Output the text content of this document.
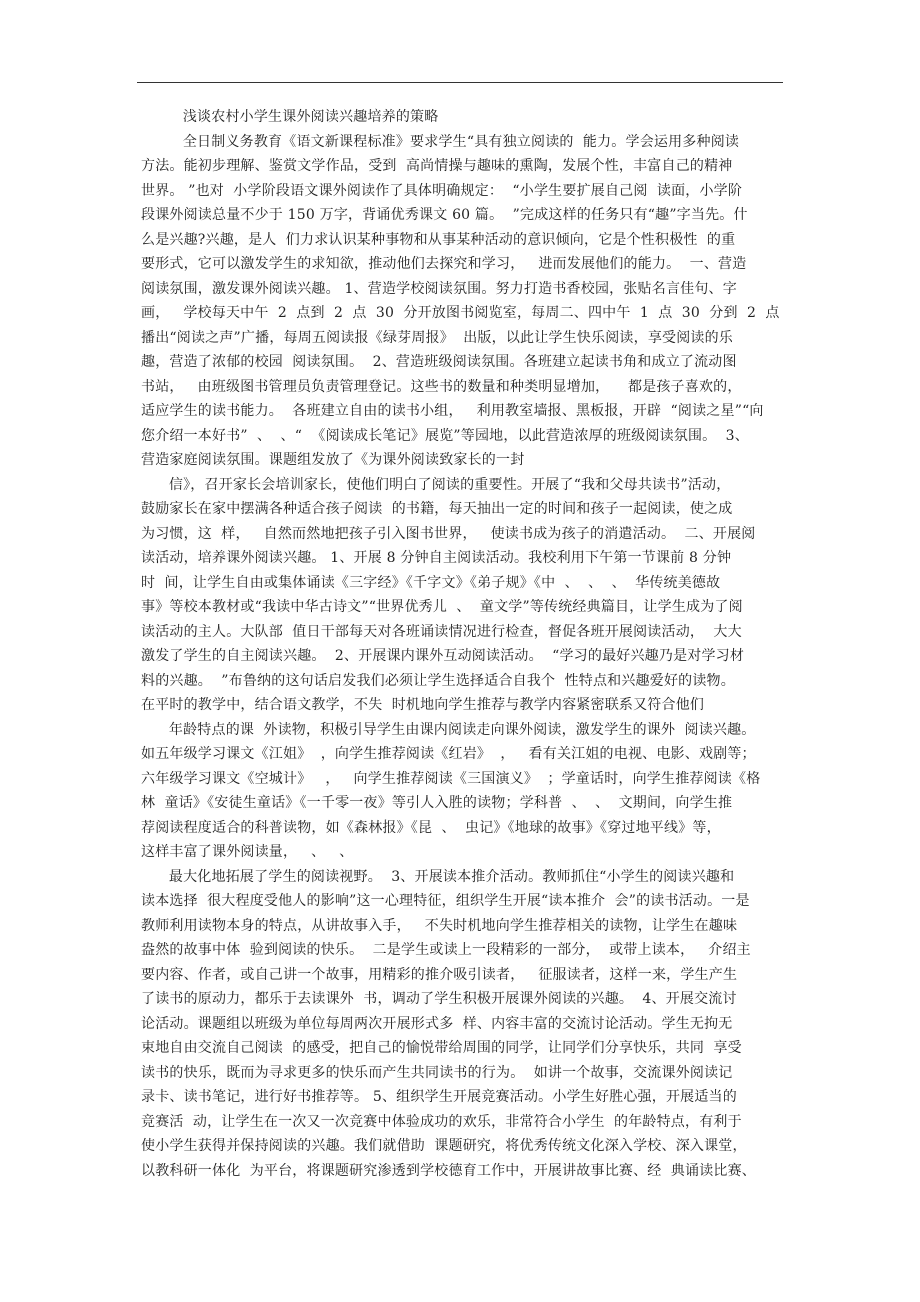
浅谈农村小学生课外阅读兴趣培养的策略
全日制义务教育《语文新课程标准》要求学生“具有独立阅读的  能力。学会运用多种阅读
方法。能初步理解、鉴赏文学作品，受到  高尚情操与趣味的熏陶，发展个性，丰富自己的精神
世界。 ”也对  小学阶段语文课外阅读作了具体明确规定：  “小学生要扩展自己阅  读面，小学阶
段课外阅读总量不少于 150 万字，背诵优秀课文 60 篇。  ”完成这样的任务只有“趣”字当先。什
么是兴趣?兴趣，是人  们力求认识某种事物和从事某种活动的意识倾向，它是个性积极性  的重
要形式，它可以激发学生的求知欲，推动他们去探究和学习，   进而发展他们的能力。  一、营造
阅读氛围，激发课外阅读兴趣。 1、营造学校阅读氛围。努力打造书香校园，张贴名言佳句、字
画，   学校每天中午  2  点到  2  点  30  分开放图书阅览室，每周二、四中午  1  点  30  分到  2  点
播出“阅读之声”广播，每周五阅读报《绿芽周报》  出版，以此让学生快乐阅读，享受阅读的乐
趣，营造了浓郁的校园  阅读氛围。  2、营造班级阅读氛围。各班建立起读书角和成立了流动图
书站，   由班级图书管理员负责管理登记。这些书的数量和种类明显增加，    都是孩子喜欢的，
适应学生的读书能力。  各班建立自由的读书小组，   利用教室墙报、黑板报，开辟  “阅读之星”“向
您介绍一本好书”  、  、“  《阅读成长笔记》展览”等园地，以此营造浓厚的班级阅读氛围。  3、
营造家庭阅读氛围。课题组发放了《为课外阅读致家长的一封
信》，召开家长会培训家长，使他们明白了阅读的重要性。开展了“我和父母共读书”活动，
鼓励家长在家中摆满各种适合孩子阅读  的书籍，每天抽出一定的时间和孩子一起阅读，使之成
为习惯，这  样，   自然而然地把孩子引入图书世界，   使读书成为孩子的消遣活动。  二、开展阅
读活动，培养课外阅读兴趣。 1、开展 8 分钟自主阅读活动。我校利用下午第一节课前 8 分钟
时  间，让学生自由或集体诵读《三字经》《千字文》《弟子规》《中  、  、  、  华传统美德故
事》等校本教材或“我读中华古诗文”“世界优秀儿  、  童文学”等传统经典篇目，让学生成为了阅
读活动的主人。大队部  值日干部每天对各班诵读情况进行检查，督促各班开展阅读活动，  大大
激发了学生的自主阅读兴趣。  2、开展课内课外互动阅读活动。  “学习的最好兴趣乃是对学习材
料的兴趣。  ”布鲁纳的这句话启发我们必须让学生选择适合自我个  性特点和兴趣爱好的读物。
在平时的教学中，结合语文教学，不失  时机地向学生推荐与教学内容紧密联系又符合他们
年龄特点的课  外读物，积极引导学生由课内阅读走向课外阅读，激发学生的课外  阅读兴趣。
如五年级学习课文《江姐》  ，向学生推荐阅读《红岩》  ，   看有关江姐的电视、电影、戏剧等；
六年级学习课文《空城计》   ，   向学生推荐阅读《三国演义》  ；学童话时，向学生推荐阅读《格
林  童话》《安徒生童话》《一千零一夜》等引人入胜的读物；学科普  、  、  文期间，向学生推
荐阅读程度适合的科普读物，如《森林报》《昆  、  虫记》《地球的故事》《穿过地平线》等，
这样丰富了课外阅读量，   、   、
最大化地拓展了学生的阅读视野。  3、开展读本推介活动。教师抓住“小学生的阅读兴趣和
读本选择  很大程度受他人的影响”这一心理特征，组织学生开展“读本推介  会”的读书活动。一是
教师利用读物本身的特点，从讲故事入手，   不失时机地向学生推荐相关的读物，让学生在趣味
盎然的故事中体  验到阅读的快乐。  二是学生或读上一段精彩的一部分，  或带上读本，   介绍主
要内容、作者，或自己讲一个故事，用精彩的推介吸引读者，   征服读者，这样一来，学生产生
了读书的原动力，都乐于去读课外  书，调动了学生积极开展课外阅读的兴趣。  4、开展交流讨
论活动。课题组以班级为单位每周两次开展形式多  样、内容丰富的交流讨论活动。学生无拘无
束地自由交流自己阅读  的感受，把自己的愉悦带给周围的同学，让同学们分享快乐，共同  享受
读书的快乐，既而为寻求更多的快乐而产生共同读书的行为。  如讲一个故事，交流课外阅读记
录卡、读书笔记，进行好书推荐等。 5、组织学生开展竞赛活动。小学生好胜心强，开展适当的
竞赛活  动，让学生在一次又一次竞赛中体验成功的欢乐，非常符合小学生  的年龄特点，有利于
使小学生获得并保持阅读的兴趣。我们就借助  课题研究，将优秀传统文化深入学校、深入课堂，
以教科研一体化  为平台，将课题研究渗透到学校德育工作中，开展讲故事比赛、经  典诵读比赛、
